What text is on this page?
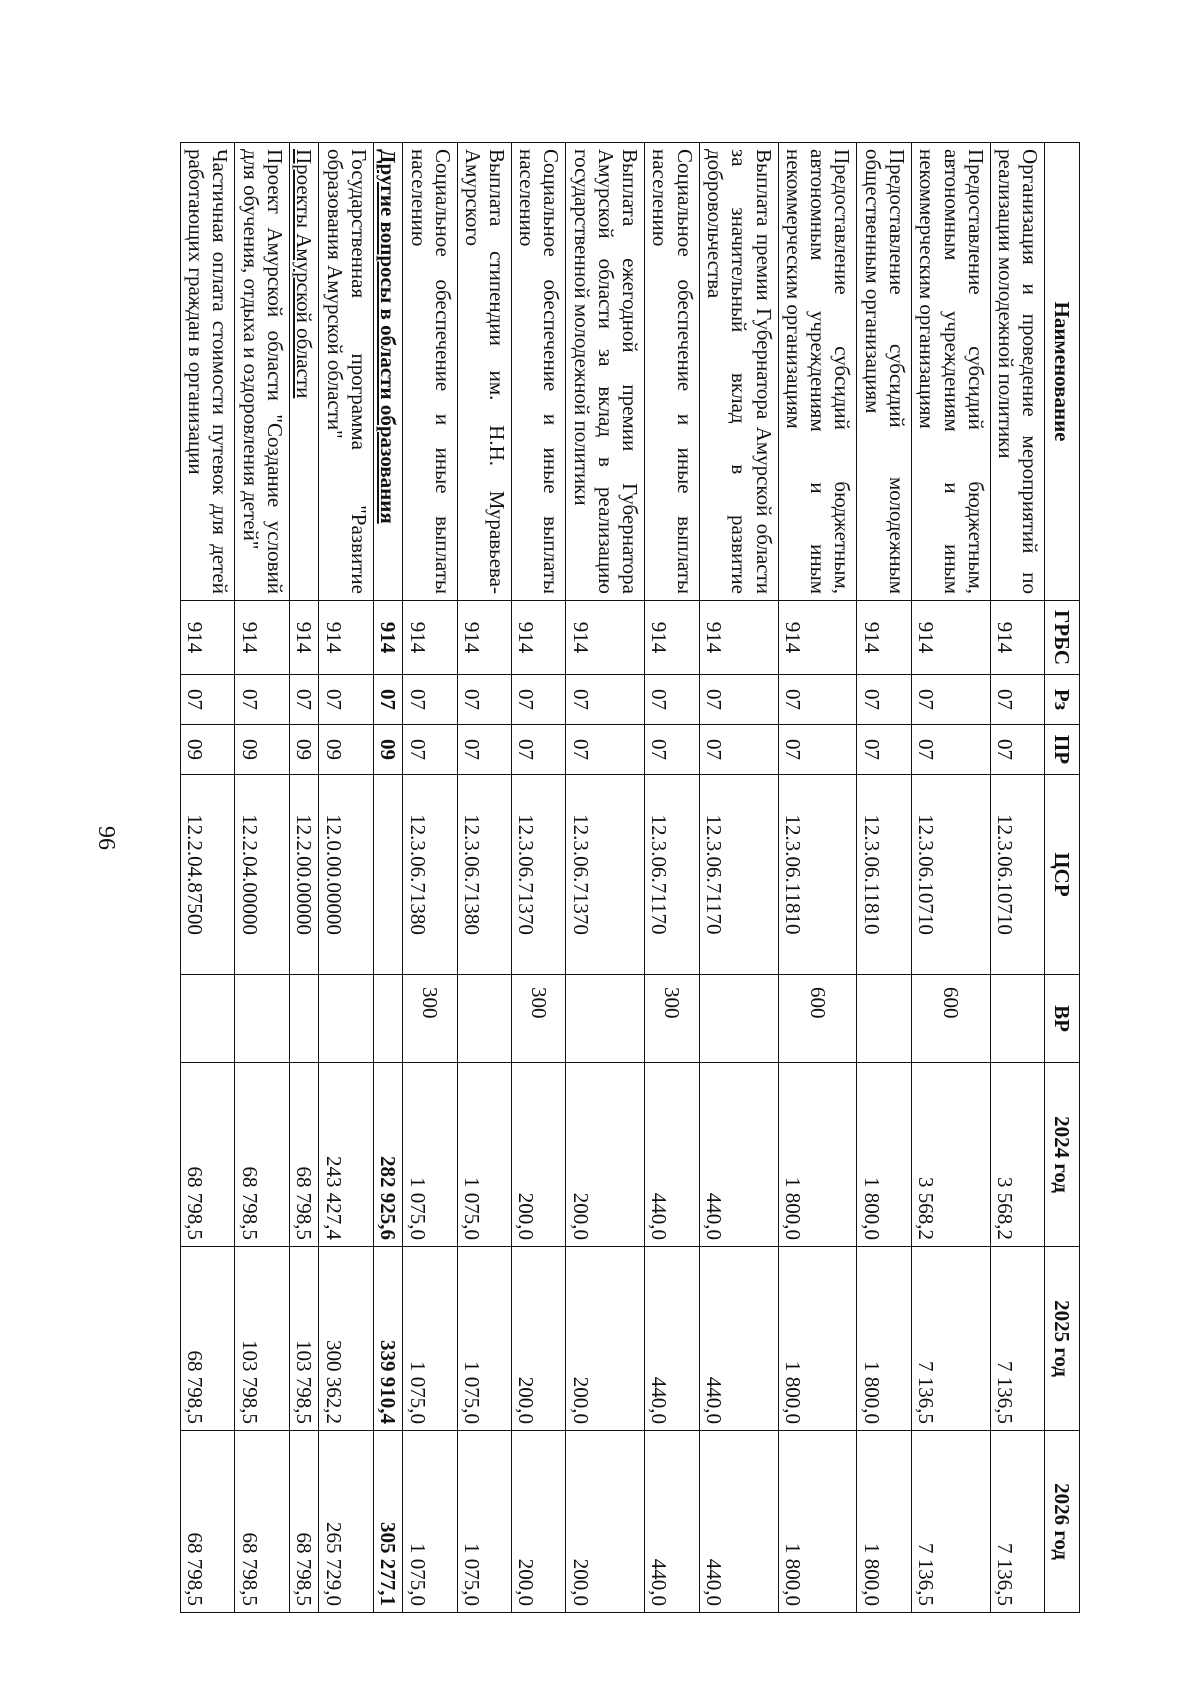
96
Наименование	ГРБС	Рз	ПР	ЦСР	ВР	2024 год	2025 год	2026 год
Организация и проведение мероприятий по реализации молодежной политики	914	07	07	12.3.06.10710		3 568,2	7 136,5	7 136,5
Предоставление субсидий бюджетным, автономным учреждениям и иным некоммерческим организациям	914	07	07	12.3.06.10710	600	3 568,2	7 136,5	7 136,5
Предоставление субсидий молодежным общественным организациям	914	07	07	12.3.06.11810		1 800,0	1 800,0	1 800,0
Предоставление субсидий бюджетным, автономным учреждениям и иным некоммерческим организациям	914	07	07	12.3.06.11810	600	1 800,0	1 800,0	1 800,0
Выплата премии Губернатора Амурской области за значительный вклад в развитие добровольчества	914	07	07	12.3.06.71170		440,0	440,0	440,0
Социальное обеспечение и иные выплаты населению	914	07	07	12.3.06.71170	300	440,0	440,0	440,0
Выплата ежегодной премии Губернатора Амурской области за вклад в реализацию государственной молодежной политики	914	07	07	12.3.06.71370		200,0	200,0	200,0
Социальное обеспечение и иные выплаты населению	914	07	07	12.3.06.71370	300	200,0	200,0	200,0
Выплата стипендии им. Н.Н. Муравьева-Амурского	914	07	07	12.3.06.71380		1 075,0	1 075,0	1 075,0
Социальное обеспечение и иные выплаты населению	914	07	07	12.3.06.71380	300	1 075,0	1 075,0	1 075,0
Другие вопросы в области образования	914	07	09			282 925,6	339 910,4	305 277,1
Государственная программа "Развитие образования Амурской области"	914	07	09	12.0.00.00000		243 427,4	300 362,2	265 729,0
Проекты Амурской области	914	07	09	12.2.00.00000		68 798,5	103 798,5	68 798,5
Проект Амурской области "Создание условий для обучения, отдыха и оздоровления детей"	914	07	09	12.2.04.00000		68 798,5	103 798,5	68 798,5
Частичная оплата стоимости путевок для детей работающих граждан в организации	914	07	09	12.2.04.87500		68 798,5	68 798,5	68 798,5
